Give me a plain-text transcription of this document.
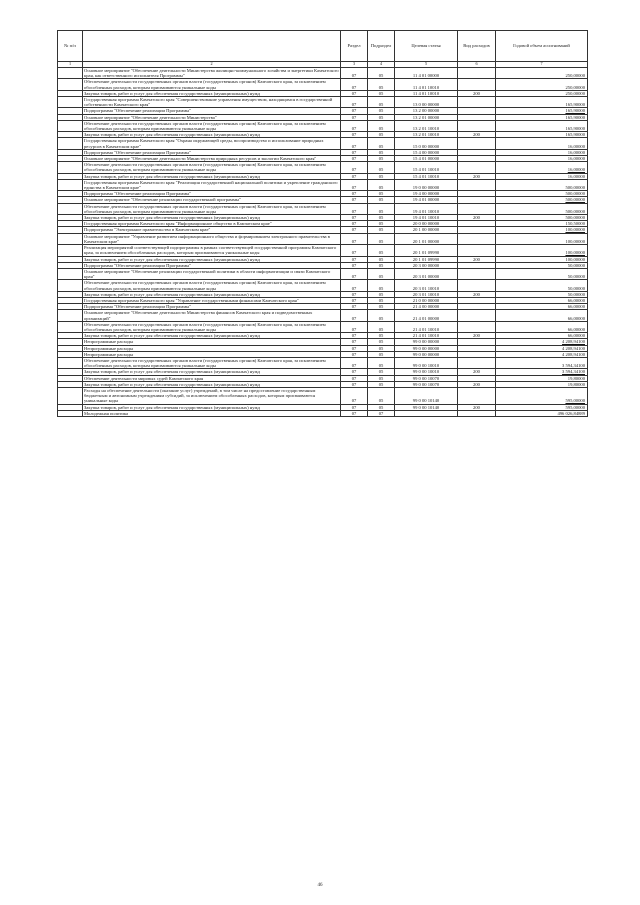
№ п/п		Раздел	Подраздел	Целевая статья	Вид расходов	Годовой объем ассигнований
1	2	3	4	5	6	7
	Основное мероприятие "Обеспечение деятельности Министерства жилищно-коммунального хозяйства и энергетики Камчатского края, как ответственного исполнителя Программы"	07	05	11 4 01 00000		250,00000
	Обеспечение деятельности государственных органов власти (государственных органов) Камчатского края, за исключением обособленных расходов, которым присваиваются уникальные коды	07	05	11 4 01 10010		250,00000
	Закупка товаров, работ и услуг для обеспечения государственных (муниципальных) нужд	07	05	11 4 01 10010	200	250,00000
	Государственная программа Камчатского края "Совершенствование управления имуществом, находящимся в государственной собственности Камчатского края"	07	05	13 0 00 00000		165,90000
	Подпрограмма "Обеспечение реализации Программы"	07	05	13 2 00 00000		165,90000
	Основное мероприятие "Обеспечение деятельности Министерства"	07	05	13 2 01 00000		165,90000
	Обеспечение деятельности государственных органов власти (государственных органов) Камчатского края, за исключением обособленных расходов, которым присваиваются уникальные коды	07	05	13 2 01 10010		165,90000
	Закупка товаров, работ и услуг для обеспечения государственных (муниципальных) нужд	07	05	13 2 01 10010	200	165,90000
	Государственная программа Камчатского края "Охрана окружающей среды, воспроизводство и использование природных ресурсов в Камчатском крае"	07	05	15 0 00 00000		16,00000
	Подпрограмма "Обеспечение реализации Программы"	07	05	15 4 00 00000		16,00000
	Основное мероприятие "Обеспечение деятельности Министерства природных ресурсов и экологии Камчатского края"	07	05	15 4 01 00000		16,00000
	Обеспечение деятельности государственных органов власти (государственных органов) Камчатского края, за исключением обособленных расходов, которым присваиваются уникальные коды	07	05	15 4 01 10010		16,00000
	Закупка товаров, работ и услуг для обеспечения государственных (муниципальных) нужд	07	05	15 4 01 10010	200	16,00000
	Государственная программа Камчатского края "Реализация государственной национальной политики и укрепление гражданского единства в Камчатском крае"	07	05	19 0 00 00000		500,00000
	Подпрограмма "Обеспечение реализации Программы"	07	05	19 4 00 00000		500,00000
	Основное мероприятие "Обеспечение реализации государственной программы"	07	05	19 4 01 00000		500,00000
	Обеспечение деятельности государственных органов власти (государственных органов) Камчатского края, за исключением обособленных расходов, которым присваиваются уникальные коды	07	05	19 4 01 10010		500,00000
	Закупка товаров, работ и услуг для обеспечения государственных (муниципальных) нужд	07	05	19 4 01 10010	200	500,00000
	Государственная программа Камчатского края "Информационное общество в Камчатском крае"	07	05	20 0 00 00000		150,50000
	Подпрограмма "Электронное правительство в Камчатском крае"	07	05	20 1 00 00000		100,00000
	Основное мероприятие "Управление развитием информационного общества и формированием электронного правительства в Камчатском крае"	07	05	20 1 01 00000		100,00000
	Реализация мероприятий соответствующей подпрограммы в рамках соответствующей государственной программы Камчатского края, за исключением обособленных расходов, которым присваиваются уникальные коды	07	05	20 1 01 09990		100,00000
	Закупка товаров, работ и услуг для обеспечения государственных (муниципальных) нужд	07	05	20 1 01 09990	200	100,00000
	Подпрограмма "Обеспечение реализации Программы"	07	05	20 3 00 00000		50,00000
	Основное мероприятие "Обеспечение реализации государственной политики в области информатизации и связи Камчатского края"	07	05	20 3 01 00000		50,00000
	Обеспечение деятельности государственных органов власти (государственных органов) Камчатского края, за исключением обособленных расходов, которым присваиваются уникальные коды	07	05	20 3 01 10010		50,00000
	Закупка товаров, работ и услуг для обеспечения государственных (муниципальных) нужд	07	05	20 3 01 10010	200	50,00000
	Государственная программа Камчатского края "Управление государственными финансами Камчатского края"	07	05	21 0 00 00000		66,00000
	Подпрограмма "Обеспечение реализации Программы"	07	05	21 4 00 00000		66,00000
	Основное мероприятие "Обеспечение деятельности Министерства финансов Камчатского края и подведомственных организаций"	07	05	21 4 01 00000		66,00000
	Обеспечение деятельности государственных органов власти (государственных органов) Камчатского края, за исключением обособленных расходов, которым присваиваются уникальные коды	07	05	21 4 01 10010		66,00000
	Закупка товаров, работ и услуг для обеспечения государственных (муниципальных) нужд	07	05	21 4 01 10010	200	66,00000
	Непрограммные расходы	07	05	99 0 00 00000		4 208,94100
	Непрограммные расходы	07	05	99 0 00 00000		4 208,94100
	Непрограммные расходы	07	05	99 0 00 00000		4 208,94100
	Обеспечение деятельности государственных органов власти (государственных органов) Камчатского края, за исключением обособленных расходов, которым присваиваются уникальные коды	07	05	99 0 00 10010		3 594,34100
	Закупка товаров, работ и услуг для обеспечения государственных (муниципальных) нужд	07	05	99 0 00 10010	200	3 594,34100
	Обеспечение деятельности мировых судей Камчатского края	07	05	99 0 00 10070		19,80000
	Закупка товаров, работ и услуг для обеспечения государственных (муниципальных) нужд	07	05	99 0 00 10070	200	19,80000
	Расходы на обеспечение деятельности (оказание услуг) учреждений, в том числе на предоставление государственным бюджетным и автономным учреждениям субсидий, за исключением обособленных расходов, которым присваиваются уникальные коды	07	05	99 0 00 10140		595,00000
	Закупка товаров, работ и услуг для обеспечения государственных (муниципальных) нужд	07	05	99 0 00 10140	200	595,00000
	Молодежная политика	07	07			496 026,84889
46
